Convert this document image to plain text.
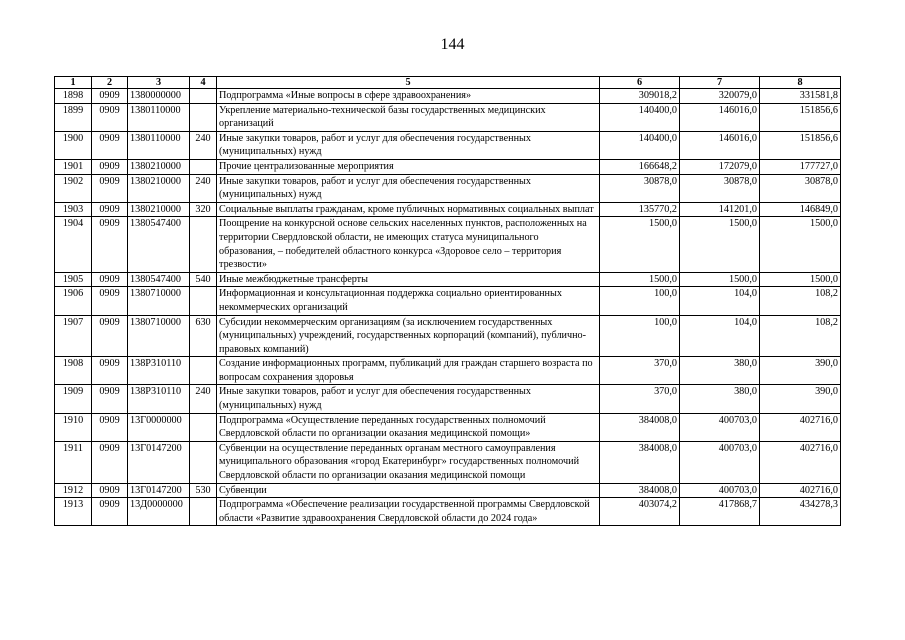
144
1	2	3	4	5	6	7	8
1898	0909	1380000000		Подпрограмма «Иные вопросы в сфере здравоохранения»	309018,2	320079,0	331581,8
1899	0909	1380110000		Укрепление материально-технической базы государственных медицинских организаций	140400,0	146016,0	151856,6
1900	0909	1380110000	240	Иные закупки товаров, работ и услуг для обеспечения государственных (муниципальных) нужд	140400,0	146016,0	151856,6
1901	0909	1380210000		Прочие централизованные мероприятия	166648,2	172079,0	177727,0
1902	0909	1380210000	240	Иные закупки товаров, работ и услуг для обеспечения государственных (муниципальных) нужд	30878,0	30878,0	30878,0
1903	0909	1380210000	320	Социальные выплаты гражданам, кроме публичных нормативных социальных выплат	135770,2	141201,0	146849,0
1904	0909	1380547400		Поощрение на конкурсной основе сельских населенных пунктов, расположенных на территории Свердловской области, не имеющих статуса муниципального образования, – победителей областного конкурса «Здоровое село – территория трезвости»	1500,0	1500,0	1500,0
1905	0909	1380547400	540	Иные межбюджетные трансферты	1500,0	1500,0	1500,0
1906	0909	1380710000		Информационная и консультационная поддержка социально ориентированных некоммерческих организаций	100,0	104,0	108,2
1907	0909	1380710000	630	Субсидии некоммерческим организациям (за исключением государственных (муниципальных) учреждений, государственных корпораций (компаний), публично-правовых компаний)	100,0	104,0	108,2
1908	0909	138P310110		Создание информационных программ, публикаций для граждан старшего возраста по вопросам сохранения здоровья	370,0	380,0	390,0
1909	0909	138P310110	240	Иные закупки товаров, работ и услуг для обеспечения государственных (муниципальных) нужд	370,0	380,0	390,0
1910	0909	13Г0000000		Подпрограмма «Осуществление переданных государственных полномочий Свердловской области по организации оказания медицинской помощи»	384008,0	400703,0	402716,0
1911	0909	13Г0147200		Субвенции на осуществление переданных органам местного самоуправления муниципального образования «город Екатеринбург» государственных полномочий Свердловской области по организации оказания медицинской помощи	384008,0	400703,0	402716,0
1912	0909	13Г0147200	530	Субвенции	384008,0	400703,0	402716,0
1913	0909	13Д0000000		Подпрограмма «Обеспечение реализации государственной программы Свердловской области «Развитие здравоохранения Свердловской области до 2024 года»	403074,2	417868,7	434278,3
